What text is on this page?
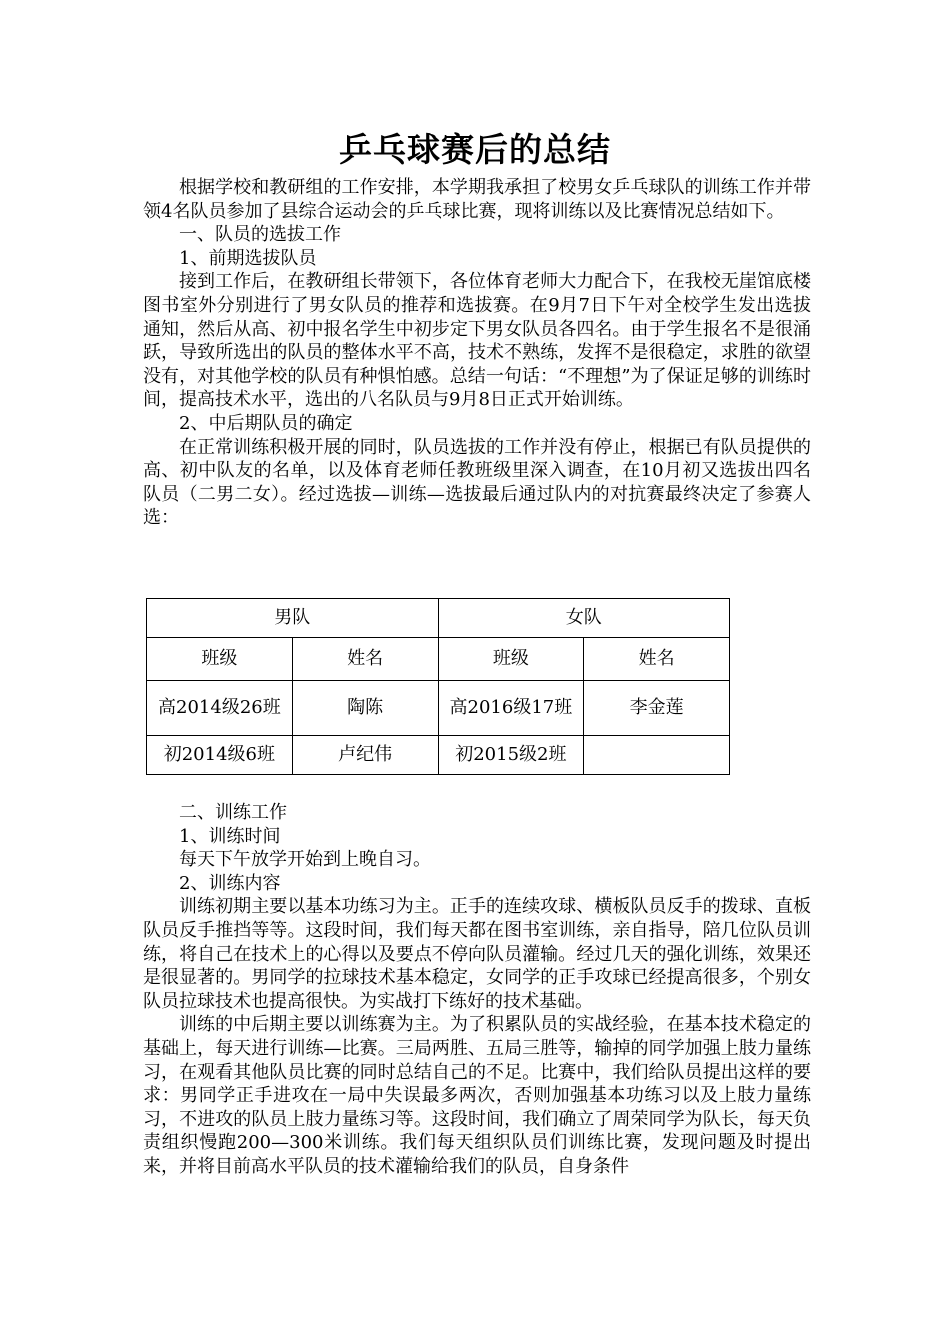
乒乓球赛后的总结

根据学校和教研组的工作安排，本学期我承担了校男女乒乓球队的训练工作并带领4名队员参加了县综合运动会的乒乓球比赛，现将训练以及比赛情况总结如下。

一、队员的选拔工作

1、前期选拔队员

接到工作后，在教研组长带领下，各位体育老师大力配合下，在我校无崖馆底楼图书室外分别进行了男女队员的推荐和选拔赛。在9月7日下午对全校学生发出选拔通知，然后从高、初中报名学生中初步定下男女队员各四名。由于学生报名不是很涌跃，导致所选出的队员的整体水平不高，技术不熟练，发挥不是很稳定，求胜的欲望没有，对其他学校的队员有种惧怕感。总结一句话：“不理想”为了保证足够的训练时间，提高技术水平，选出的八名队员与9月8日正式开始训练。

2、中后期队员的确定

在正常训练积极开展的同时，队员选拔的工作并没有停止，根据已有队员提供的高、初中队友的名单，以及体育老师任教班级里深入调查，在10月初又选拔出四名队员（二男二女）。经过选拔—训练—选拔最后通过队内的对抗赛最终决定了参赛人选：

男队		女队	
班级	姓名	班级	姓名
高2014级26班	陶陈	高2016级17班	李金莲
初2014级6班	卢纪伟	初2015级2班	

二、训练工作

1、训练时间

每天下午放学开始到上晚自习。

2、训练内容

训练初期主要以基本功练习为主。正手的连续攻球、横板队员反手的拨球、直板队员反手推挡等等。这段时间，我们每天都在图书室训练，亲自指导，陪几位队员训练，将自己在技术上的心得以及要点不停向队员灌输。经过几天的强化训练，效果还是很显著的。男同学的拉球技术基本稳定，女同学的正手攻球已经提高很多，个别女队员拉球技术也提高很快。为实战打下练好的技术基础。

训练的中后期主要以训练赛为主。为了积累队员的实战经验，在基本技术稳定的基础上，每天进行训练—比赛。三局两胜、五局三胜等，输掉的同学加强上肢力量练习，在观看其他队员比赛的同时总结自己的不足。比赛中，我们给队员提出这样的要求：男同学正手进攻在一局中失误最多两次，否则加强基本功练习以及上肢力量练习，不进攻的队员上肢力量练习等。这段时间，我们确立了周荣同学为队长，每天负责组织慢跑200—300米训练。我们每天组织队员们训练比赛，发现问题及时提出来，并将目前高水平队员的技术灌输给我们的队员，自身条件
